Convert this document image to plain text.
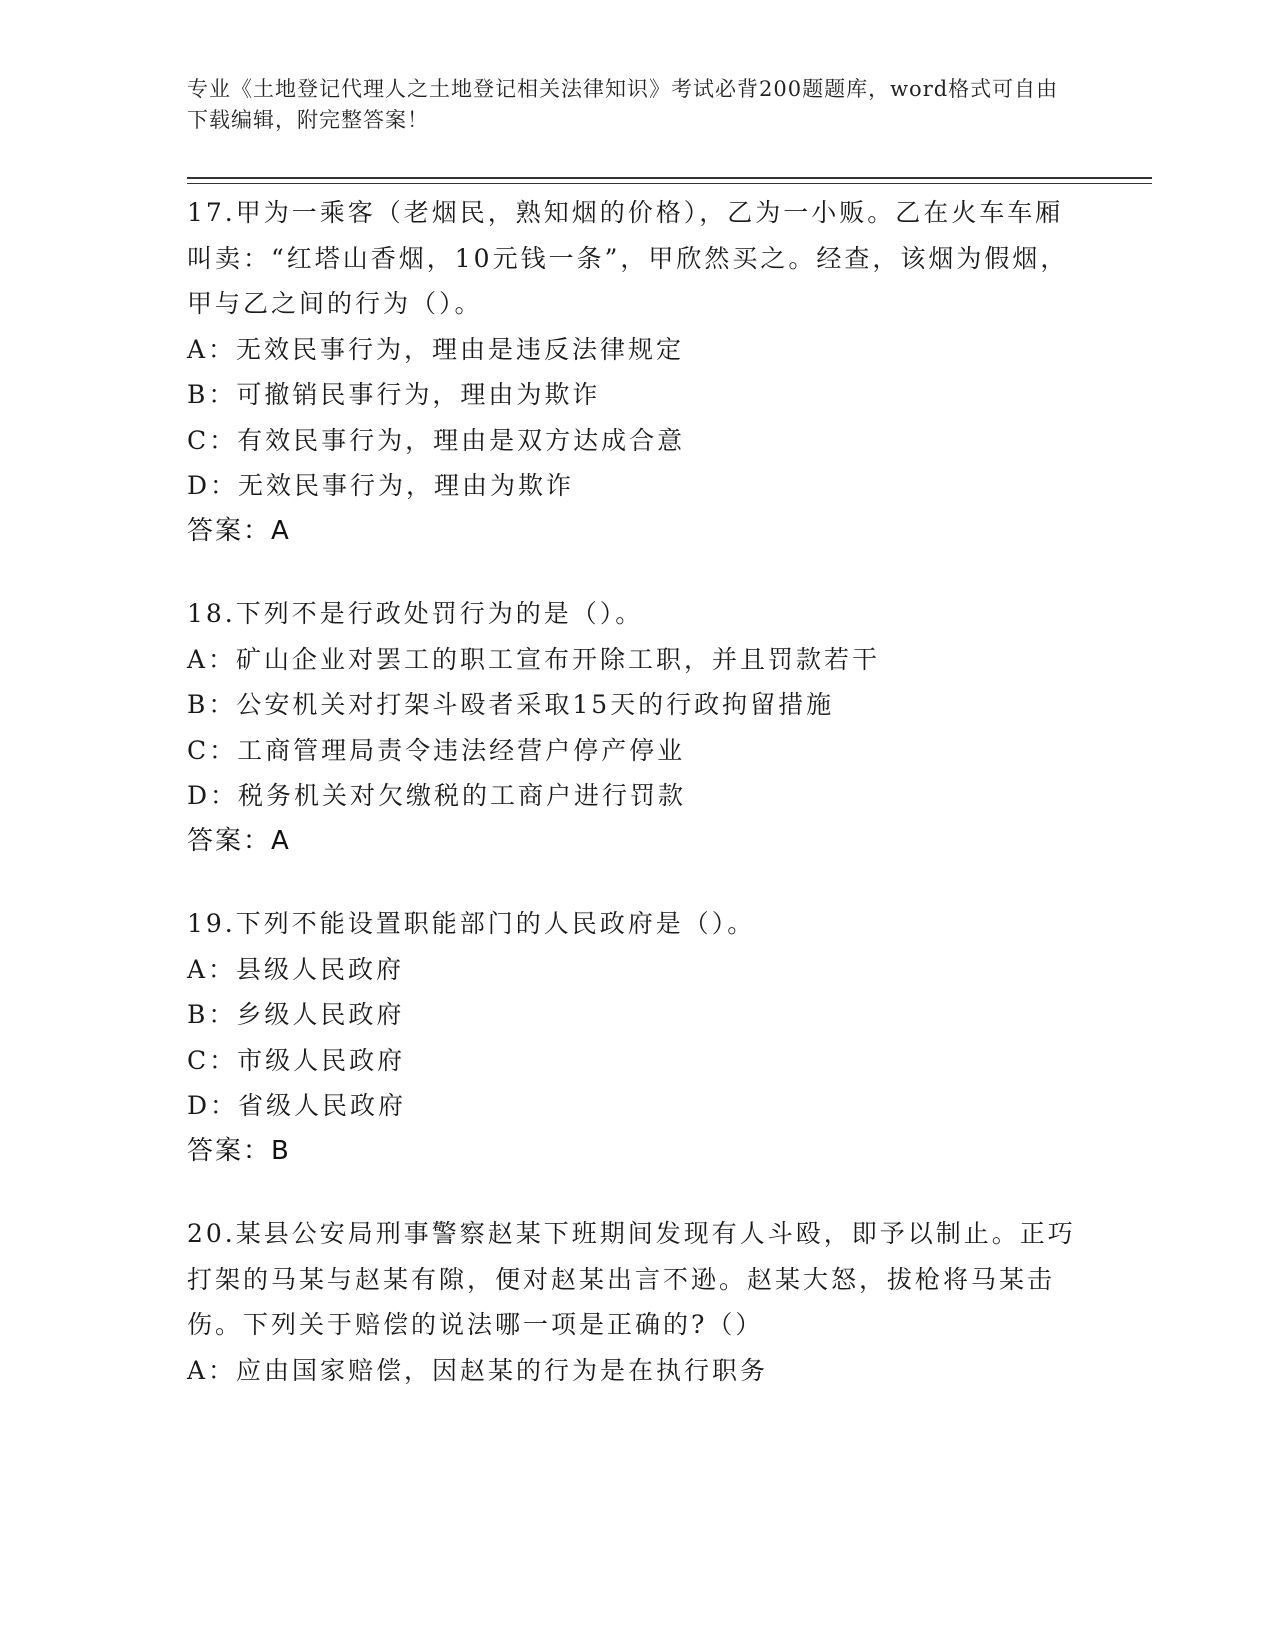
专业《土地登记代理人之土地登记相关法律知识》考试必背200题题库，word格式可自由下载编辑，附完整答案！
17.甲为一乘客（老烟民，熟知烟的价格），乙为一小贩。乙在火车车厢叫卖：“红塔山香烟，10元钱一条”，甲欣然买之。经查，该烟为假烟，甲与乙之间的行为（）。
A：无效民事行为，理由是违反法律规定
B：可撤销民事行为，理由为欺诈
C：有效民事行为，理由是双方达成合意
D：无效民事行为，理由为欺诈
答案：A
18.下列不是行政处罚行为的是（）。
A：矿山企业对罢工的职工宣布开除工职，并且罚款若干
B：公安机关对打架斗殴者采取15天的行政拘留措施
C：工商管理局责令违法经营户停产停业
D：税务机关对欠缴税的工商户进行罚款
答案：A
19.下列不能设置职能部门的人民政府是（）。
A：县级人民政府
B：乡级人民政府
C：市级人民政府
D：省级人民政府
答案：B
20.某县公安局刑事警察赵某下班期间发现有人斗殴，即予以制止。正巧打架的马某与赵某有隙，便对赵某出言不逊。赵某大怒，拔枪将马某击伤。下列关于赔偿的说法哪一项是正确的?（）
A：应由国家赔偿，因赵某的行为是在执行职务
